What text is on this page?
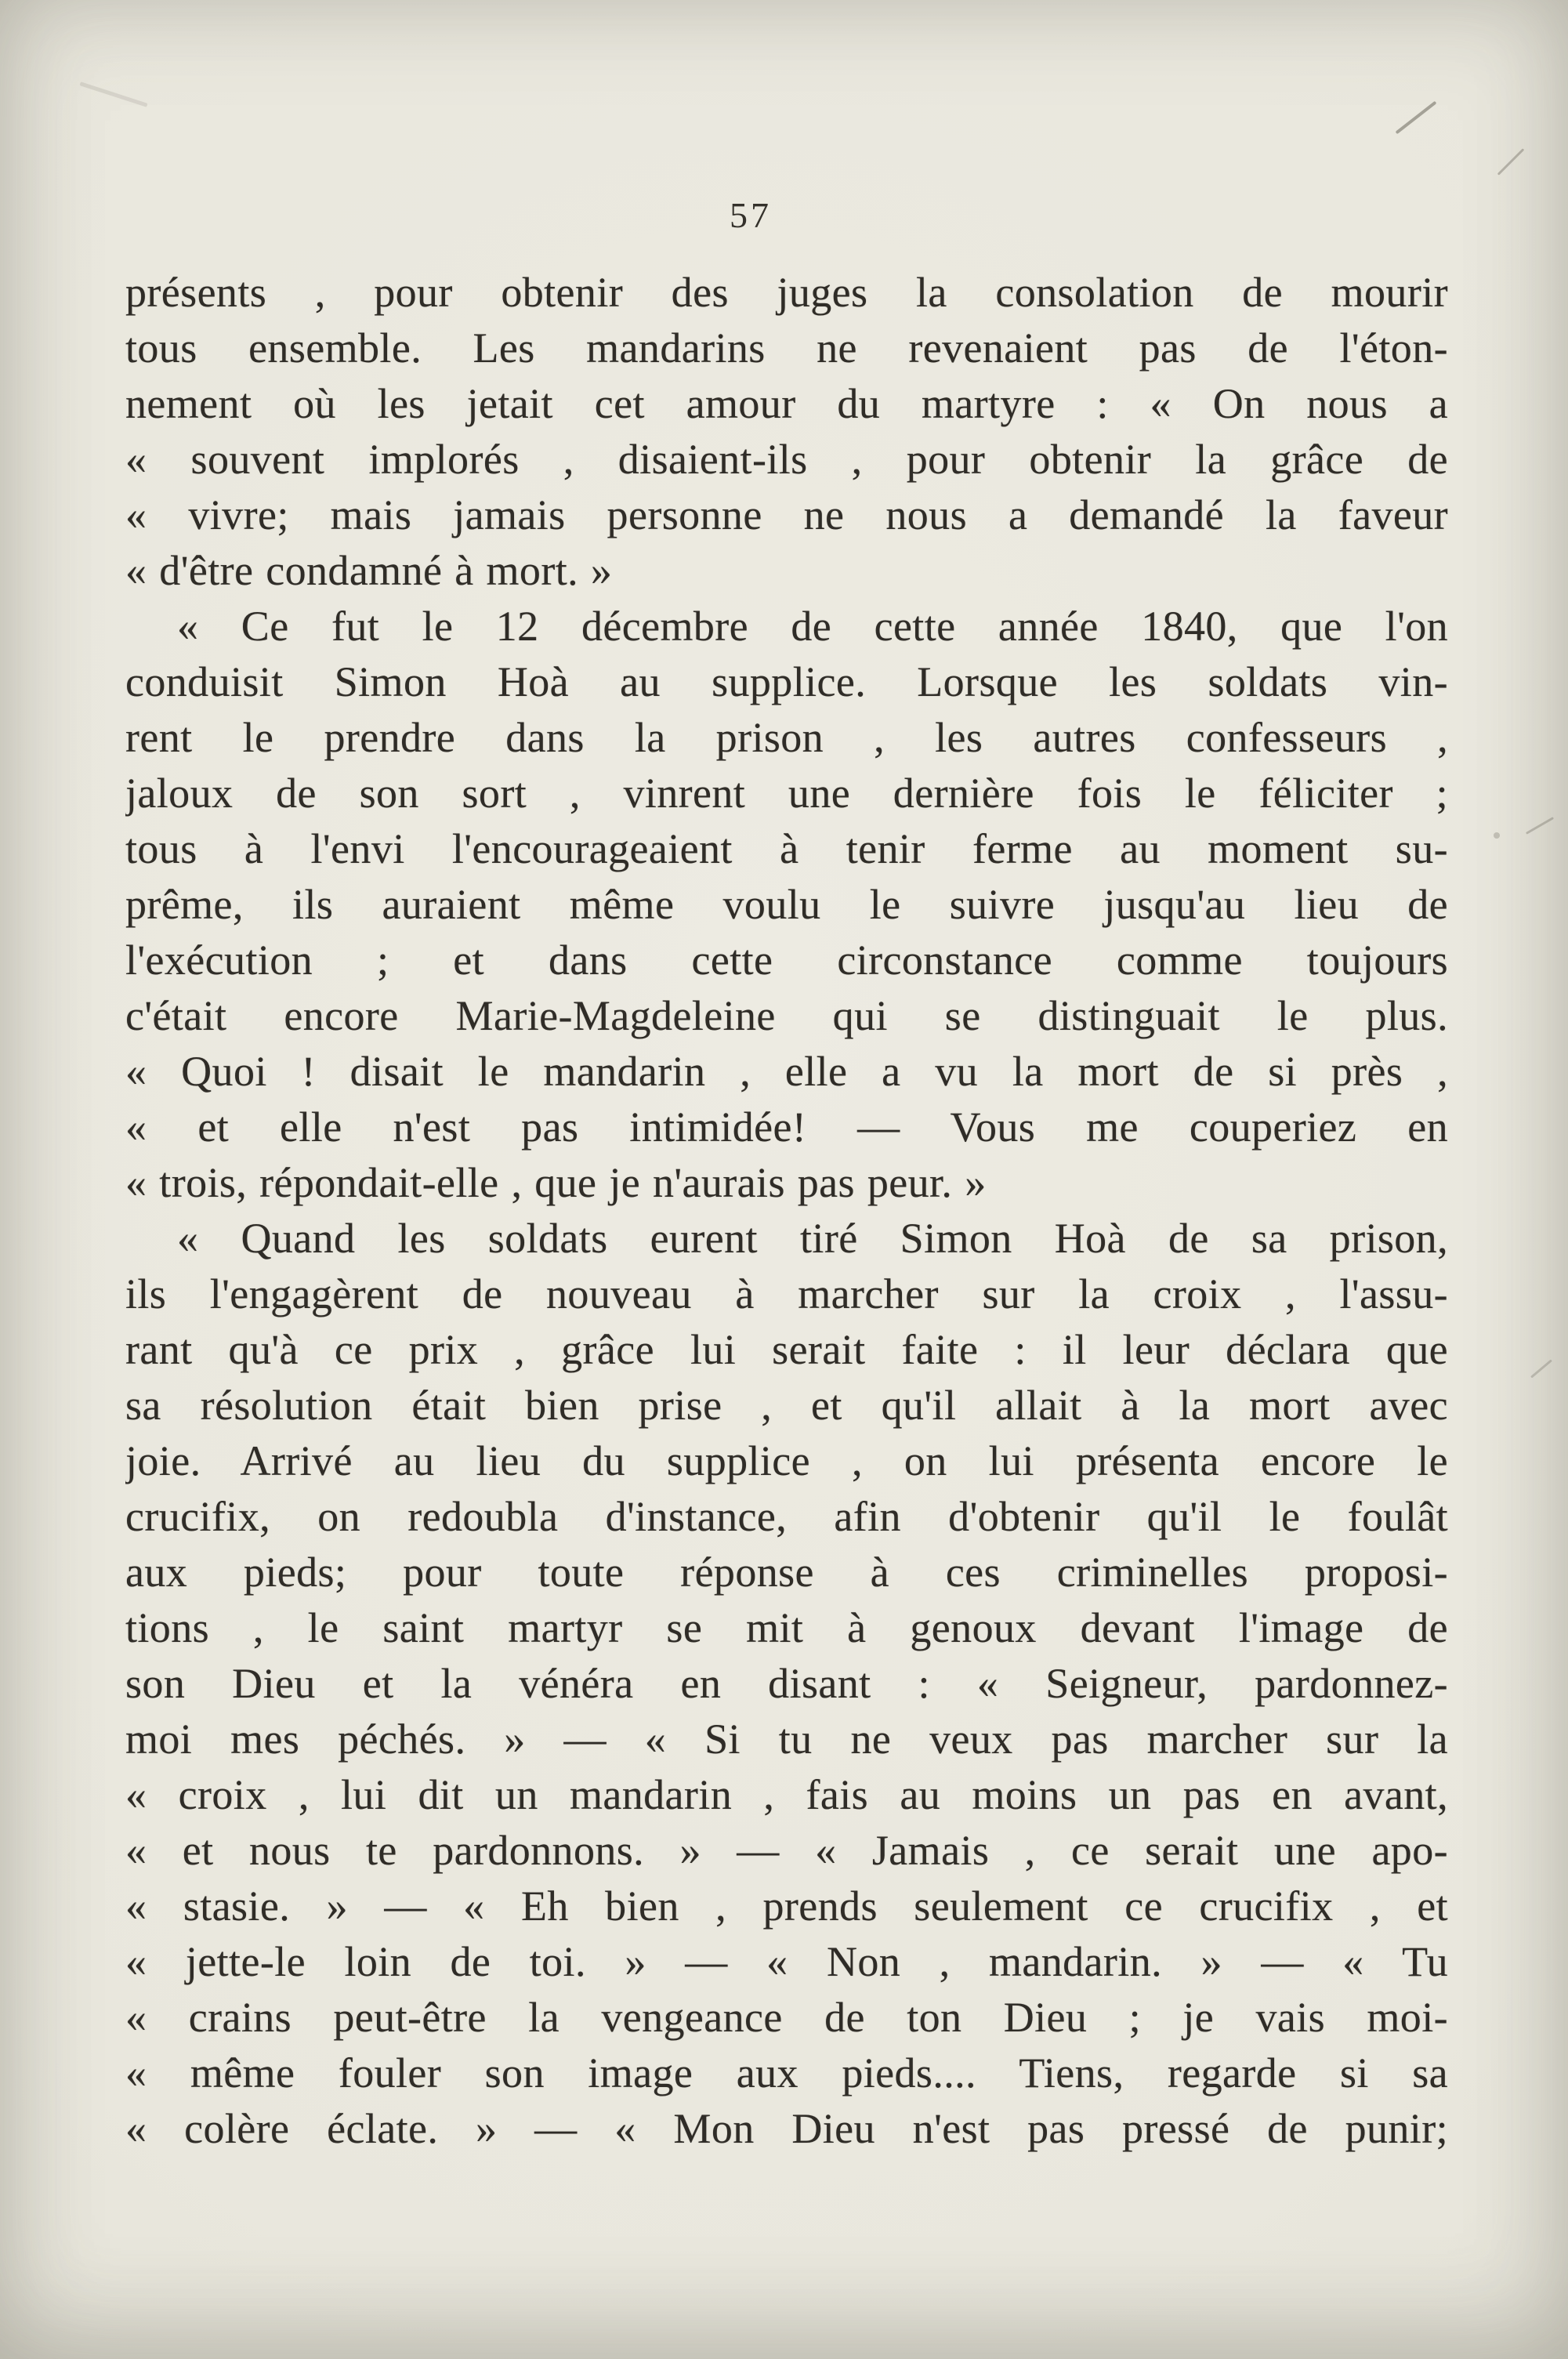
57
présents , pour obtenir des juges la consolation de mourir
tous ensemble. Les mandarins ne revenaient pas de l'éton-
nement où les jetait cet amour du martyre : « On nous a
« souvent implorés , disaient-ils , pour obtenir la grâce de
« vivre; mais jamais personne ne nous a demandé la faveur
« d'être condamné à mort. »
« Ce fut le 12 décembre de cette année 1840, que l'on
conduisit Simon Hoà au supplice. Lorsque les soldats vin-
rent le prendre dans la prison , les autres confesseurs ,
jaloux de son sort , vinrent une dernière fois le féliciter ;
tous à l'envi l'encourageaient à tenir ferme au moment su-
prême, ils auraient même voulu le suivre jusqu'au lieu de
l'exécution ; et dans cette circonstance comme toujours
c'était encore Marie-Magdeleine qui se distinguait le plus.
« Quoi ! disait le mandarin , elle a vu la mort de si près ,
« et elle n'est pas intimidée! — Vous me couperiez en
« trois, répondait-elle , que je n'aurais pas peur. »
« Quand les soldats eurent tiré Simon Hoà de sa prison,
ils l'engagèrent de nouveau à marcher sur la croix , l'assu-
rant qu'à ce prix , grâce lui serait faite : il leur déclara que
sa résolution était bien prise , et qu'il allait à la mort avec
joie. Arrivé au lieu du supplice , on lui présenta encore le
crucifix, on redoubla d'instance, afin d'obtenir qu'il le foulât
aux pieds; pour toute réponse à ces criminelles proposi-
tions , le saint martyr se mit à genoux devant l'image de
son Dieu et la vénéra en disant : « Seigneur, pardonnez-
moi mes péchés. » — « Si tu ne veux pas marcher sur la
« croix , lui dit un mandarin , fais au moins un pas en avant,
« et nous te pardonnons. » — « Jamais , ce serait une apo-
« stasie. » — « Eh bien , prends seulement ce crucifix , et
« jette-le loin de toi. » — « Non , mandarin. » — « Tu
« crains peut-être la vengeance de ton Dieu ; je vais moi-
« même fouler son image aux pieds.... Tiens, regarde si sa
« colère éclate. » — « Mon Dieu n'est pas pressé de punir;
